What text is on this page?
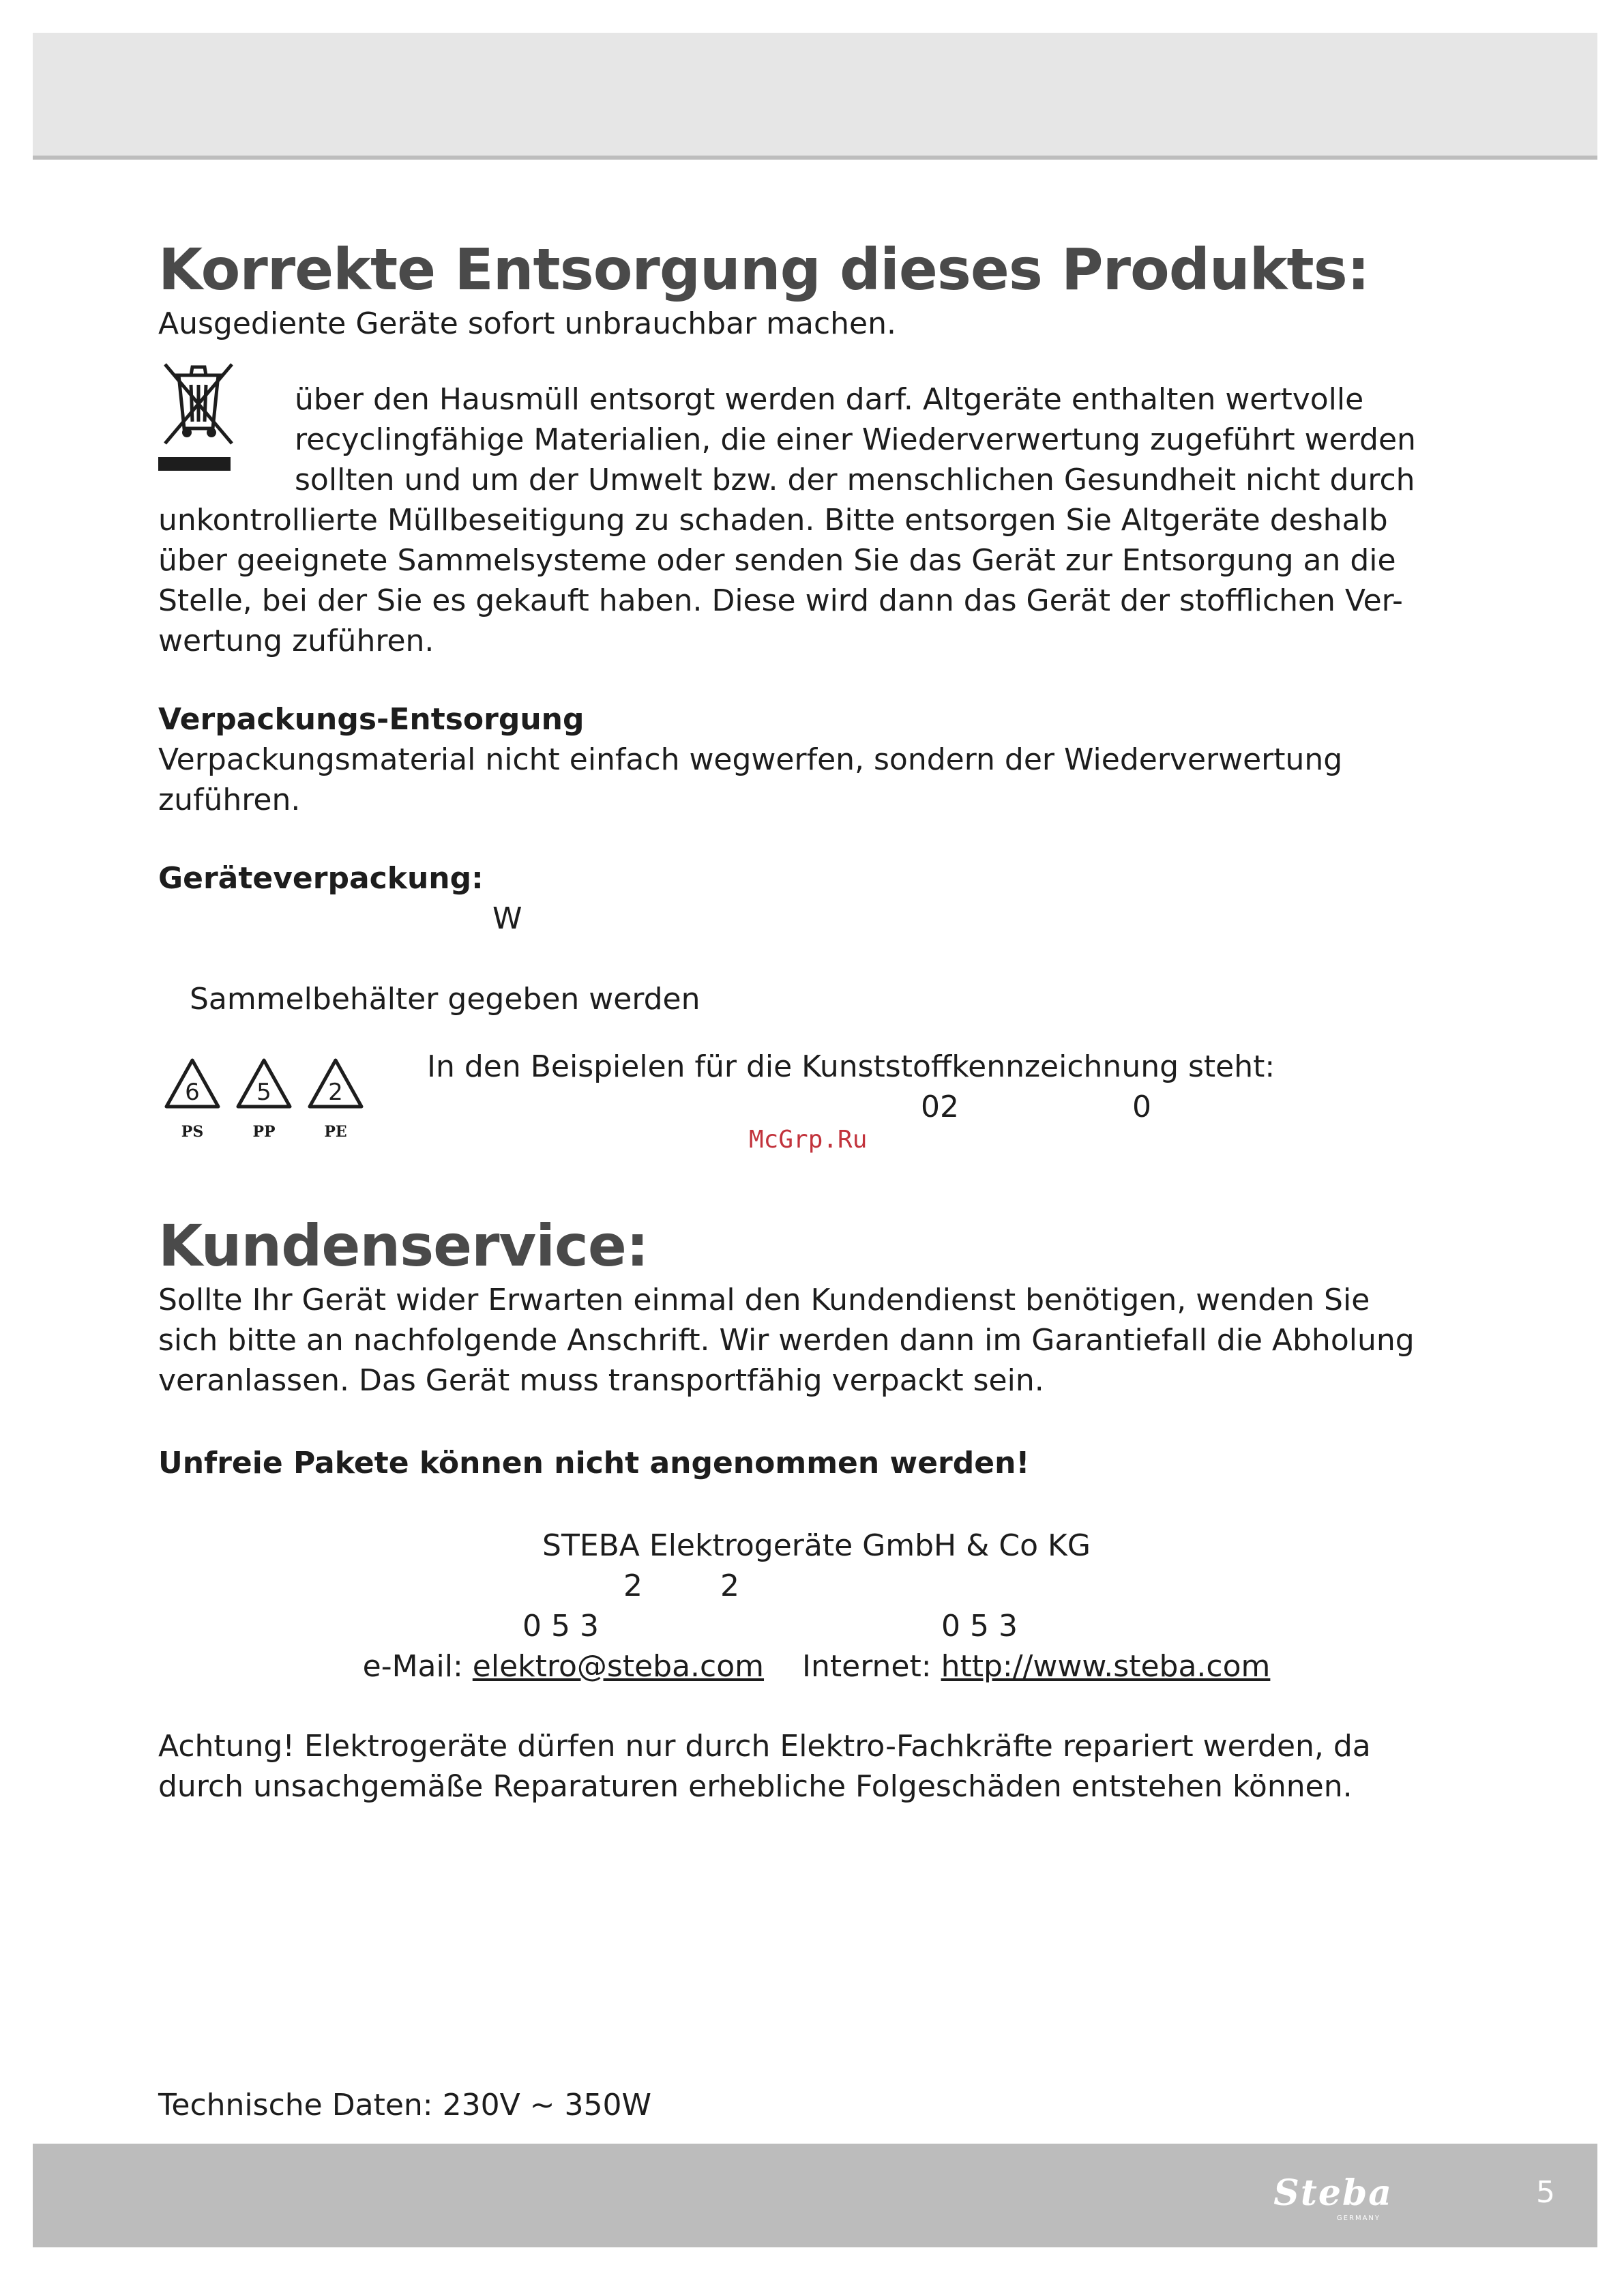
Korrekte Entsorgung dieses Produkts:

Ausgediente Geräte sofort unbrauchbar machen.

über den Hausmüll entsorgt werden darf. Altgeräte enthalten wertvolle

recyclingfähige Materialien, die einer Wiederverwertung zugeführt werden

sollten und um der Umwelt bzw. der menschlichen Gesundheit nicht durch

unkontrollierte Müllbeseitigung zu schaden. Bitte entsorgen Sie Altgeräte deshalb

über geeignete Sammelsysteme oder senden Sie das Gerät zur Entsorgung an die

Stelle, bei der Sie es gekauft haben. Diese wird dann das Gerät der stofflichen Ver-

wertung zuführen.

Verpackungs-Entsorgung

Verpackungsmaterial nicht einfach wegwerfen, sondern der Wiederverwertung

zuführen.

Geräteverpackung:

W

Sammelbehälter gegeben werden

6 5 2
PS	PP	PE
In den Beispielen für die Kunststoffkennzeichnung steht:
02	0
Kundenservice:

Sollte Ihr Gerät wider Erwarten einmal den Kundendienst benötigen, wenden Sie

sich bitte an nachfolgende Anschrift. Wir werden dann im Garantiefall die Abholung

veranlassen. Das Gerät muss transportfähig verpackt sein.

Unfreie Pakete können nicht angenommen werden!

STEBA Elektrogeräte GmbH & Co KG
2	2
0 5 3	0 5 3
e-Mail: elektro@steba.com Internet: http://www.steba.com

Achtung! Elektrogeräte dürfen nur durch Elektro-Fachkräfte repariert werden, da

durch unsachgemäße Reparaturen erhebliche Folgeschäden entstehen können.

McGrp.Ru
Technische Daten: 230V ~ 350W
Steba
GERMANY
5
